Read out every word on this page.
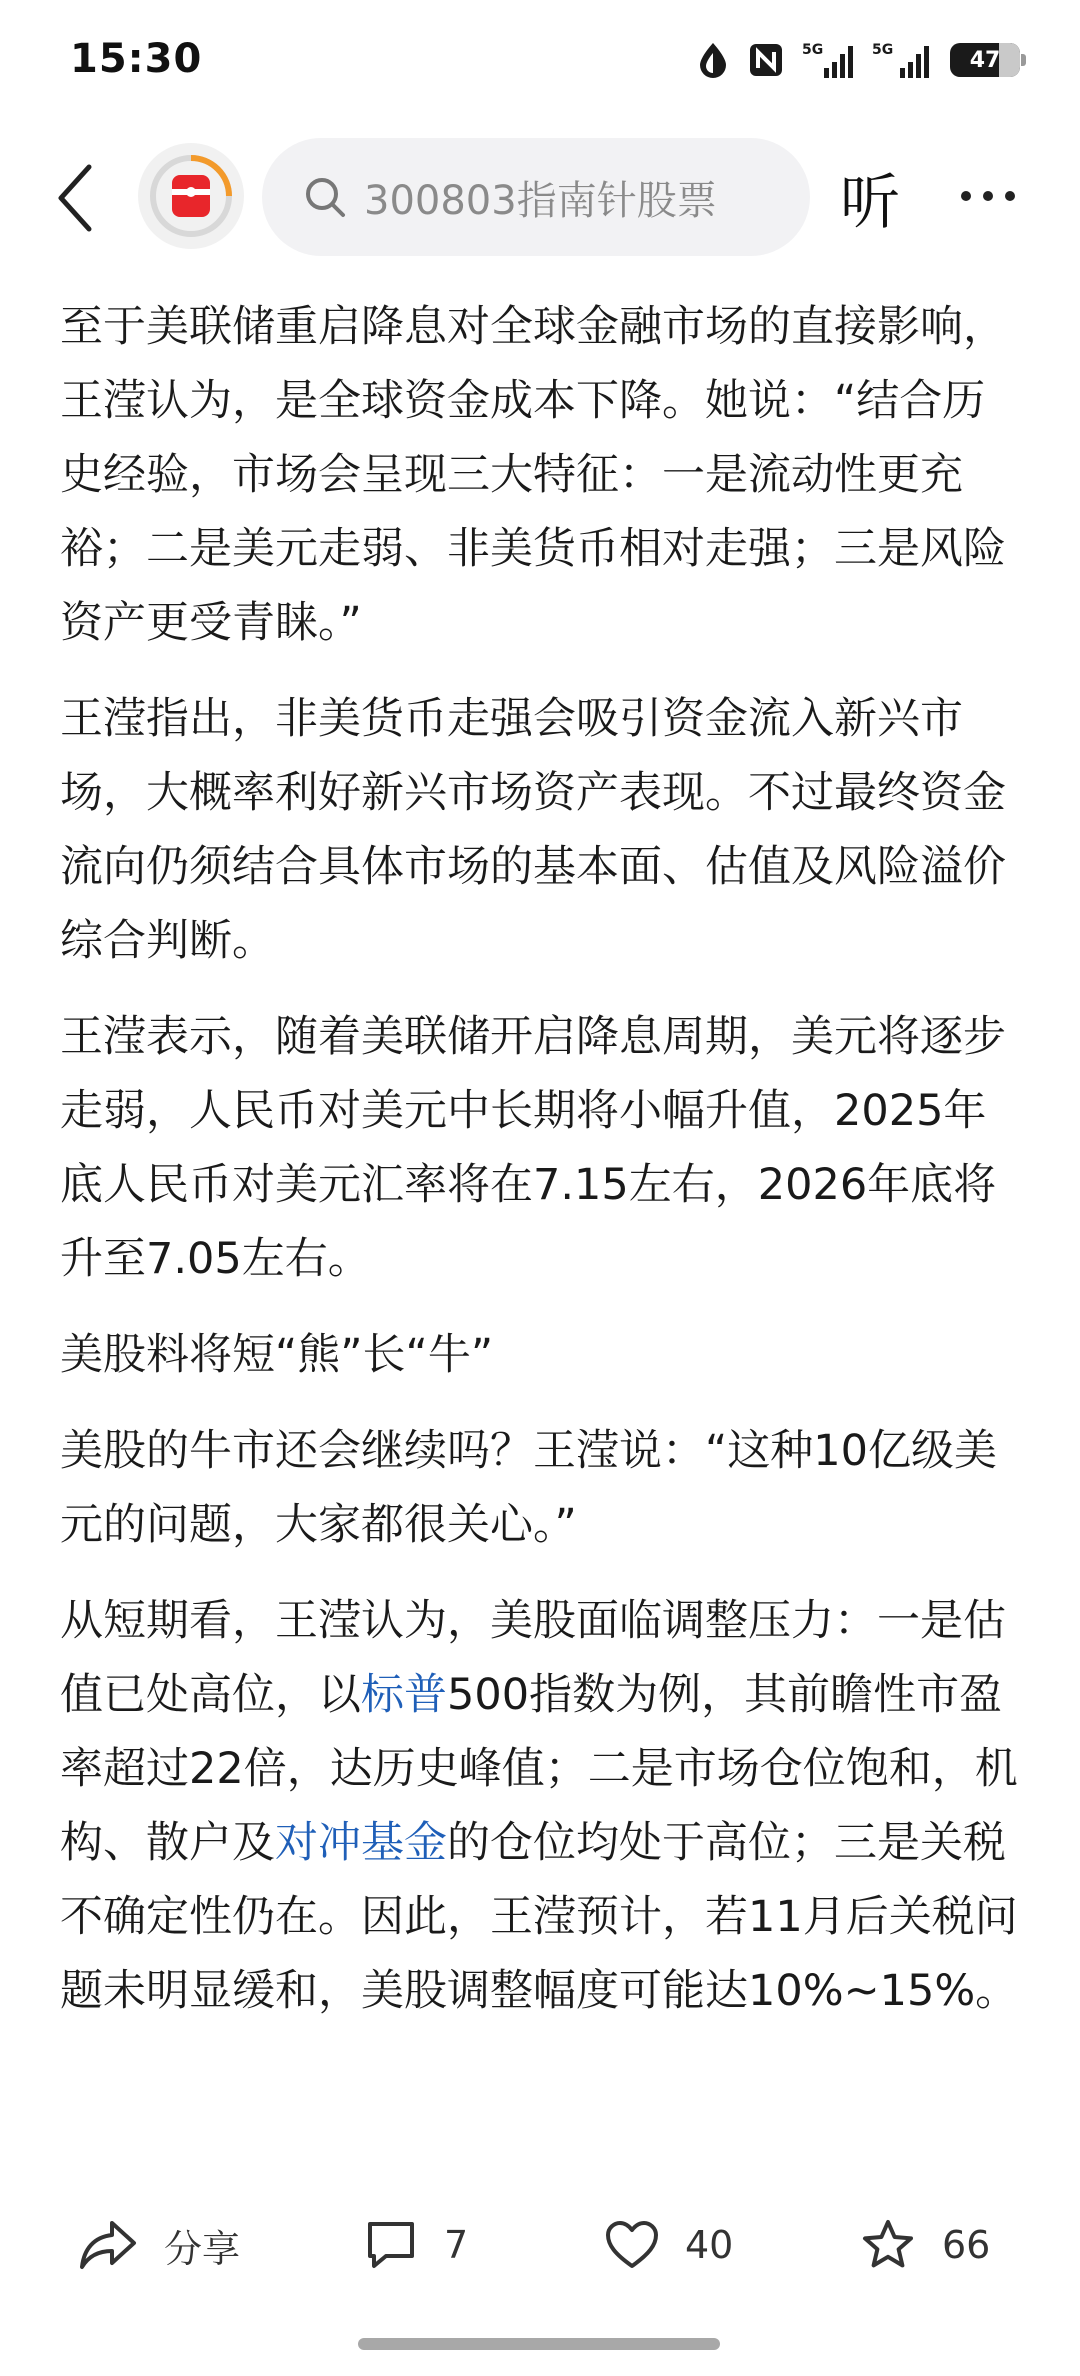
15:30	5G	5G	47
300803指南针股票 听

至于美联储重启降息对全球金融市场的直接影响，王滢认为，是全球资金成本下降。她说：“结合历史经验，市场会呈现三大特征：一是流动性更充裕；二是美元走弱、非美货币相对走强；三是风险资产更受青睐。”

王滢指出，非美货币走强会吸引资金流入新兴市场，大概率利好新兴市场资产表现。不过最终资金流向仍须结合具体市场的基本面、估值及风险溢价综合判断。

王滢表示，随着美联储开启降息周期，美元将逐步走弱，人民币对美元中长期将小幅升值，2025年底人民币对美元汇率将在7.15左右，2026年底将升至7.05左右。

美股料将短“熊”长“牛”

美股的牛市还会继续吗？王滢说：“这种10亿级美元的问题，大家都很关心。”

从短期看，王滢认为，美股面临调整压力：一是估值已处高位，以标普500指数为例，其前瞻性市盈率超过22倍，达历史峰值；二是市场仓位饱和，机构、散户及对冲基金的仓位均处于高位；三是关税不确定性仍在。因此，王滢预计，若11月后关税问题未明显缓和，美股调整幅度可能达10%~15%。

分享	7	40	66
